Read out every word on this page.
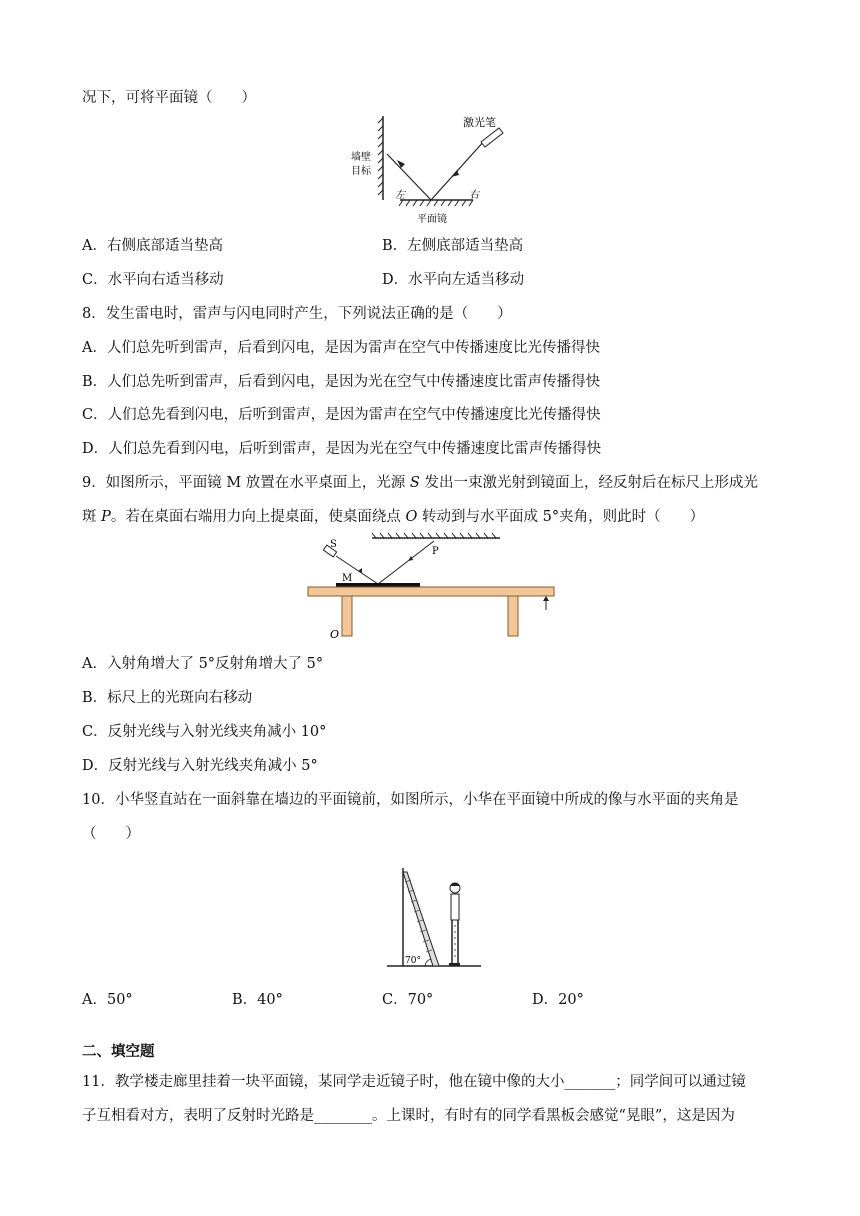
况下，可将平面镜（　　）
激光笔
墙壁
目标
左	右
平面镜
A．右侧底部适当垫高	B．左侧底部适当垫高
C．水平向右适当移动	D．水平向左适当移动
8．发生雷电时，雷声与闪电同时产生，下列说法正确的是（　　）
A．人们总先听到雷声，后看到闪电，是因为雷声在空气中传播速度比光传播得快
B．人们总先听到雷声，后看到闪电，是因为光在空气中传播速度比雷声传播得快
C．人们总先看到闪电，后听到雷声，是因为雷声在空气中传播速度比光传播得快
D．人们总先看到闪电，后听到雷声，是因为光在空气中传播速度比雷声传播得快
9．如图所示，平面镜 M 放置在水平桌面上，光源 S 发出一束激光射到镜面上，经反射后在标尺上形成光
斑 P。若在桌面右端用力向上提桌面，使桌面绕点 O 转动到与水平面成 5°夹角，则此时（　　）
S
P
M
O
A．入射角增大了 5°反射角增大了 5°
B．标尺上的光斑向右移动
C．反射光线与入射光线夹角减小 10°
D．反射光线与入射光线夹角减小 5°
10．小华竖直站在一面斜靠在墙边的平面镜前，如图所示，小华在平面镜中所成的像与水平面的夹角是
（　　）
70°
A．50°	B．40°	C．70°	D．20°
二、填空题
11．教学楼走廊里挂着一块平面镜，某同学走近镜子时，他在镜中像的大小_______；同学间可以通过镜
子互相看对方，表明了反射时光路是________。上课时，有时有的同学看黑板会感觉“晃眼”，这是因为
